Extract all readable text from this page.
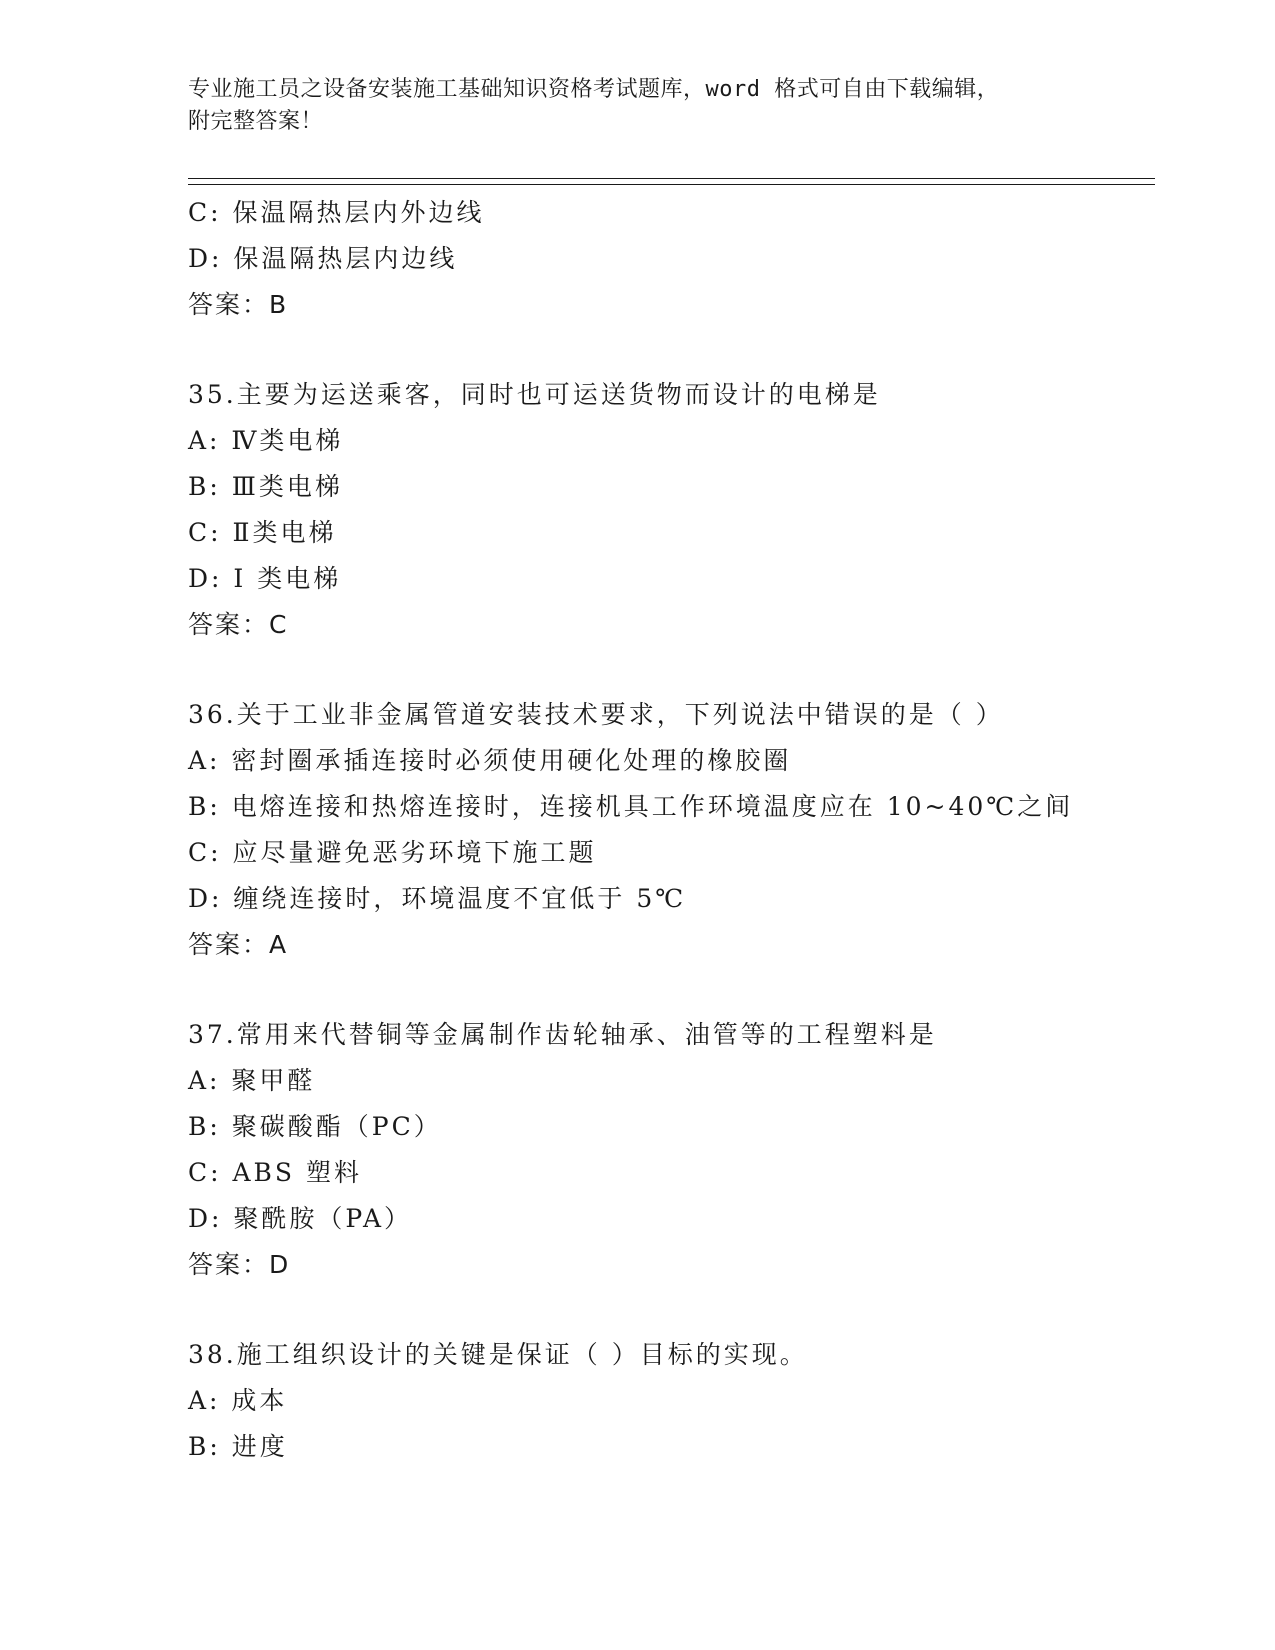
专业施工员之设备安装施工基础知识资格考试题库，word 格式可自由下载编辑，
附完整答案！
C: 保温隔热层内外边线
D: 保温隔热层内边线
答案：B
35.主要为运送乘客，同时也可运送货物而设计的电梯是
A: Ⅳ类电梯
B: Ⅲ类电梯
C: Ⅱ类电梯
D: I 类电梯
答案：C
36.关于工业非金属管道安装技术要求，下列说法中错误的是（ ）
A: 密封圈承插连接时必须使用硬化处理的橡胶圈
B: 电熔连接和热熔连接时，连接机具工作环境温度应在 10~40℃之间
C: 应尽量避免恶劣环境下施工题
D: 缠绕连接时，环境温度不宜低于 5℃
答案：A
37.常用来代替铜等金属制作齿轮轴承、油管等的工程塑料是
A: 聚甲醛
B: 聚碳酸酯（PC）
C: ABS 塑料
D: 聚酰胺（PA）
答案：D
38.施工组织设计的关键是保证（ ）目标的实现。
A: 成本
B: 进度
